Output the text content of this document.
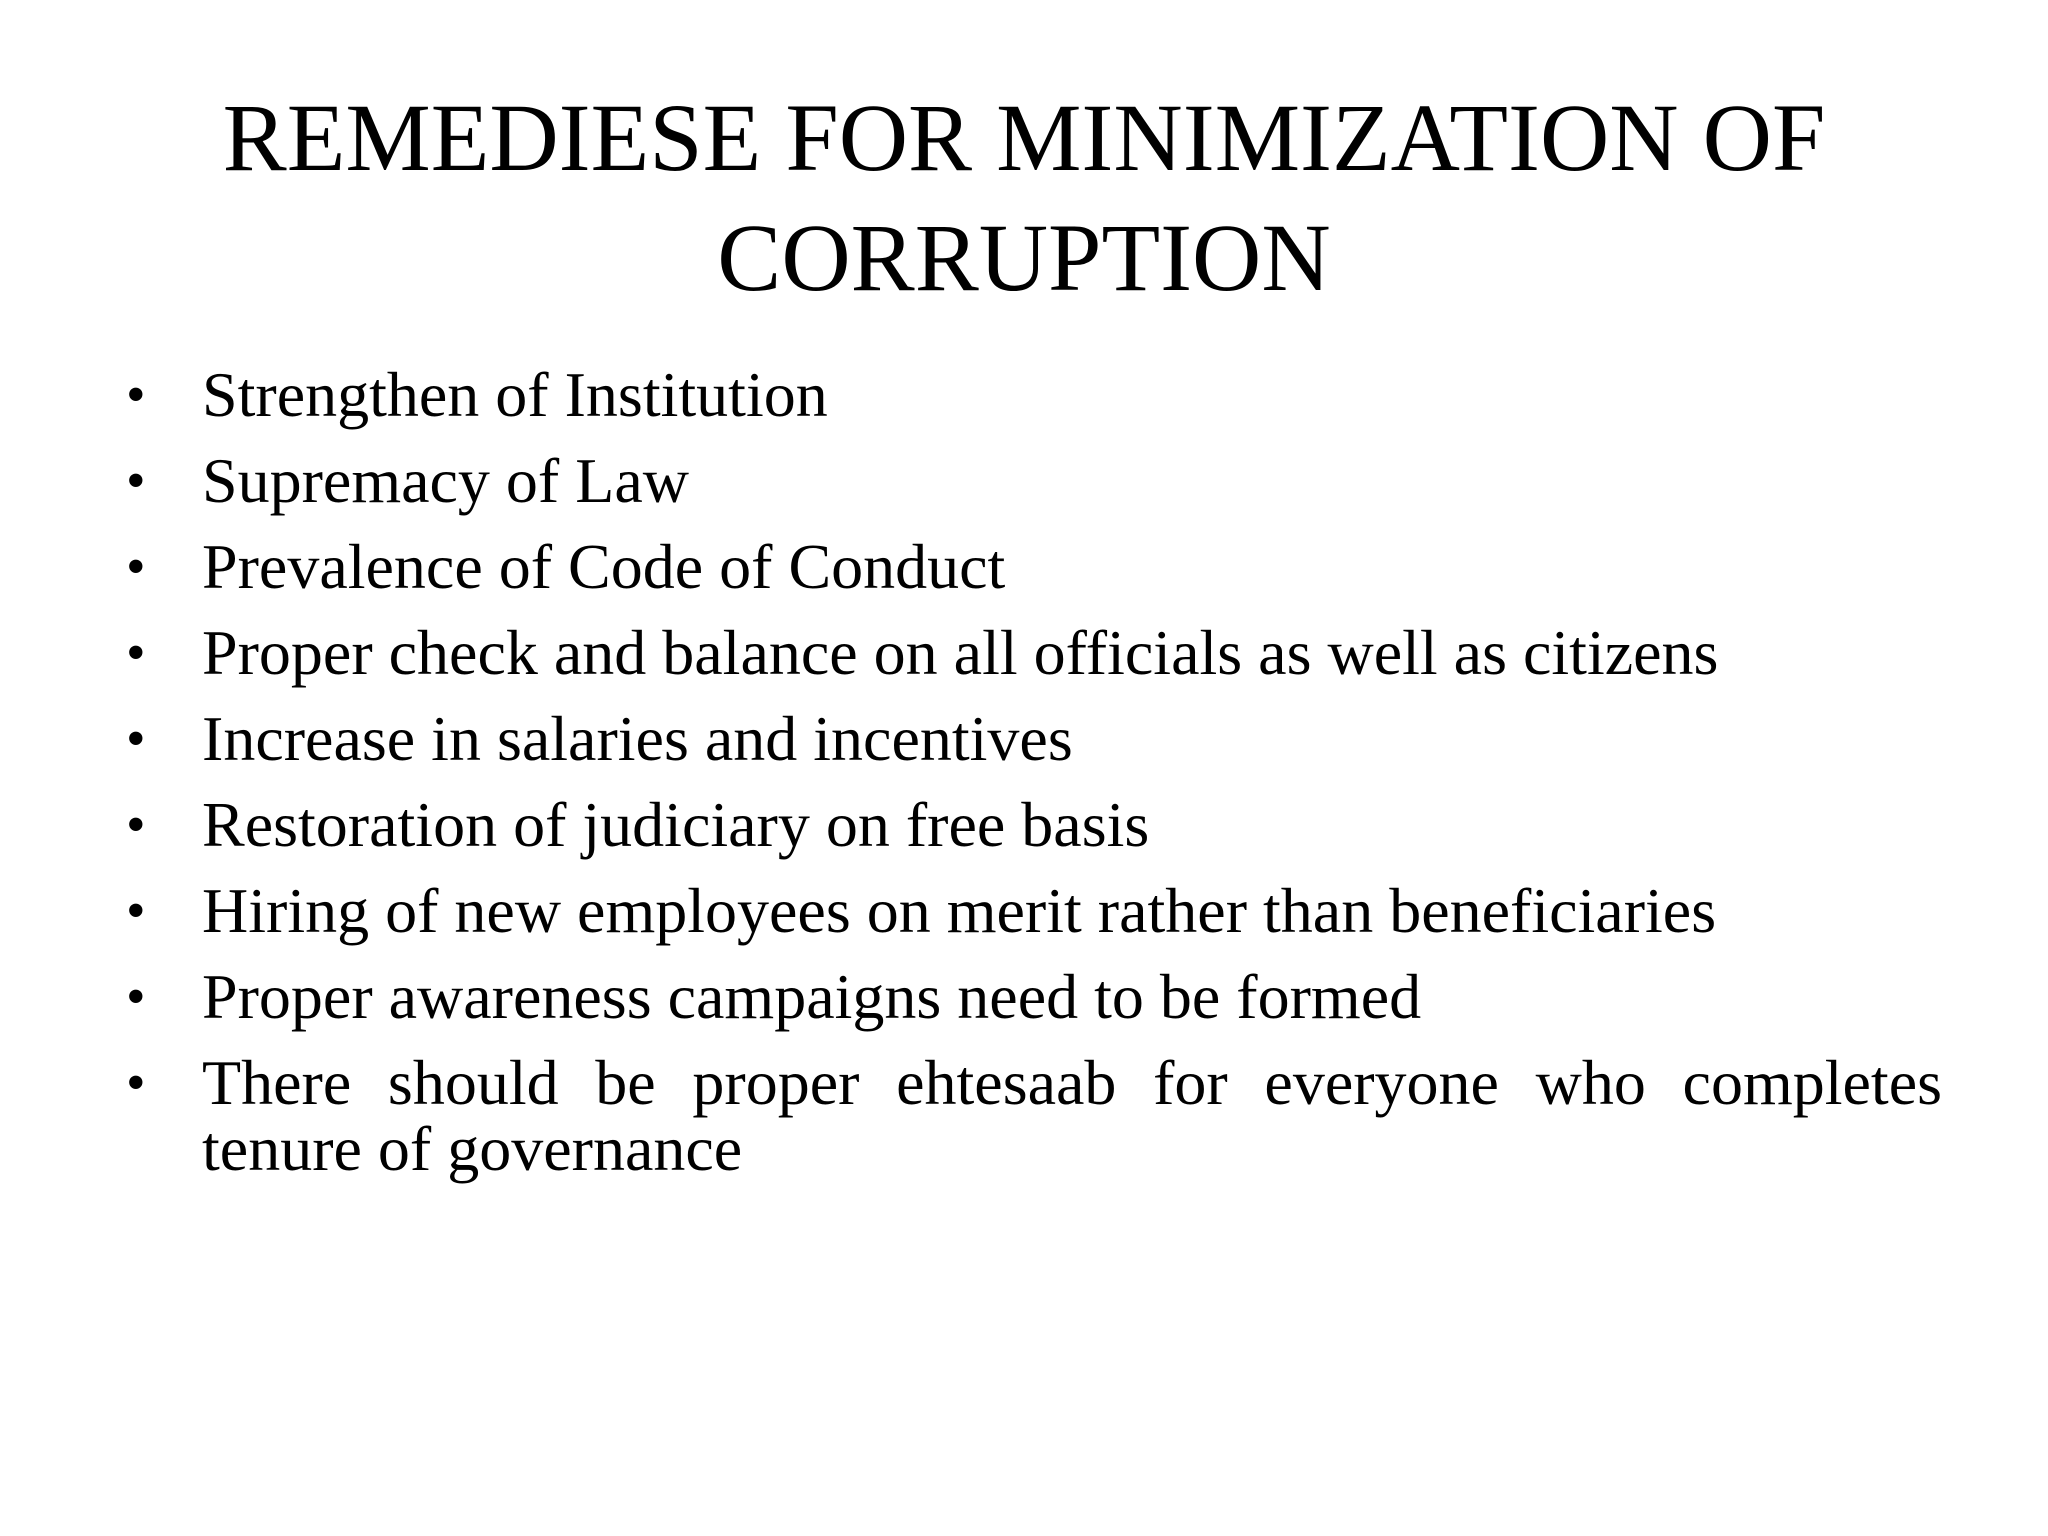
REMEDIESE FOR MINIMIZATION OF CORRUPTION
• Strengthen of Institution
• Supremacy of Law
• Prevalence of Code of Conduct
• Proper check and balance on all officials as well as citizens
• Increase in salaries and incentives
• Restoration of judiciary on free basis
• Hiring of new employees on merit rather than beneficiaries
• Proper awareness campaigns need to be formed
• There should be proper ehtesaab for everyone who completes tenure of governance
